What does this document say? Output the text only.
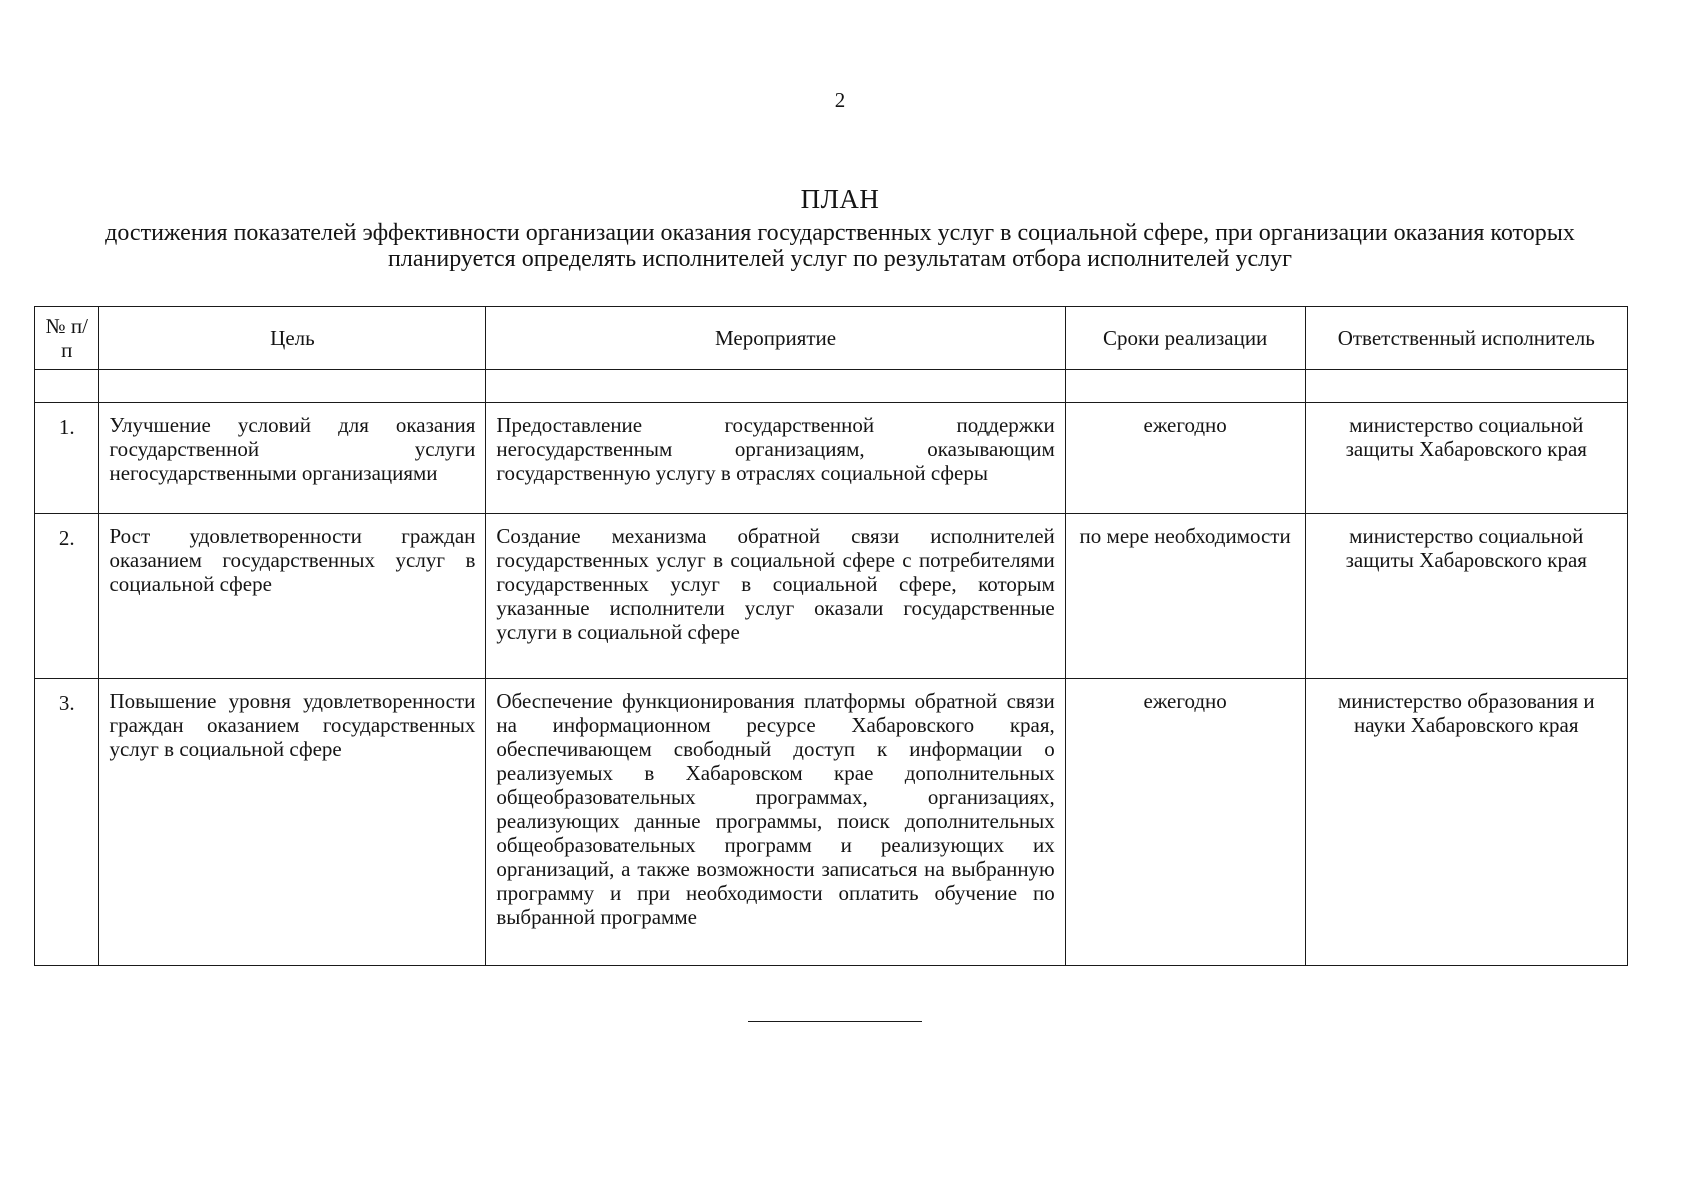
2
ПЛАН
достижения показателей эффективности организации оказания государственных услуг в социальной сфере, при организации оказания которых планируется определять исполнителей услуг по результатам отбора исполнителей услуг
№ п/п	Цель	Мероприятие	Сроки реализации	Ответственный исполнитель

1.	Улучшение условий для оказания государственной услуги негосударственными организациями	Предоставление государственной поддержки негосударственным организациям, оказывающим государственную услугу в отраслях социальной сферы	ежегодно	министерство социальной защиты Хабаровского края
2.	Рост удовлетворенности граждан оказанием государственных услуг в социальной сфере	Создание механизма обратной связи исполнителей государственных услуг в социальной сфере с потребителями государственных услуг в социальной сфере, которым указанные исполнители услуг оказали государственные услуги в социальной сфере	по мере необходимости	министерство социальной защиты Хабаровского края
3.	Повышение уровня удовлетворенности граждан оказанием государственных услуг в социальной сфере	Обеспечение функционирования платформы обратной связи на информационном ресурсе Хабаровского края, обеспечивающем свободный доступ к информации о реализуемых в Хабаровском крае дополнительных общеобразовательных программах, организациях, реализующих данные программы, поиск дополнительных общеобразовательных программ и реализующих их организаций, а также возможности записаться на выбранную программу и при необходимости оплатить обучение по выбранной программе	ежегодно	министерство образования и науки Хабаровского края
